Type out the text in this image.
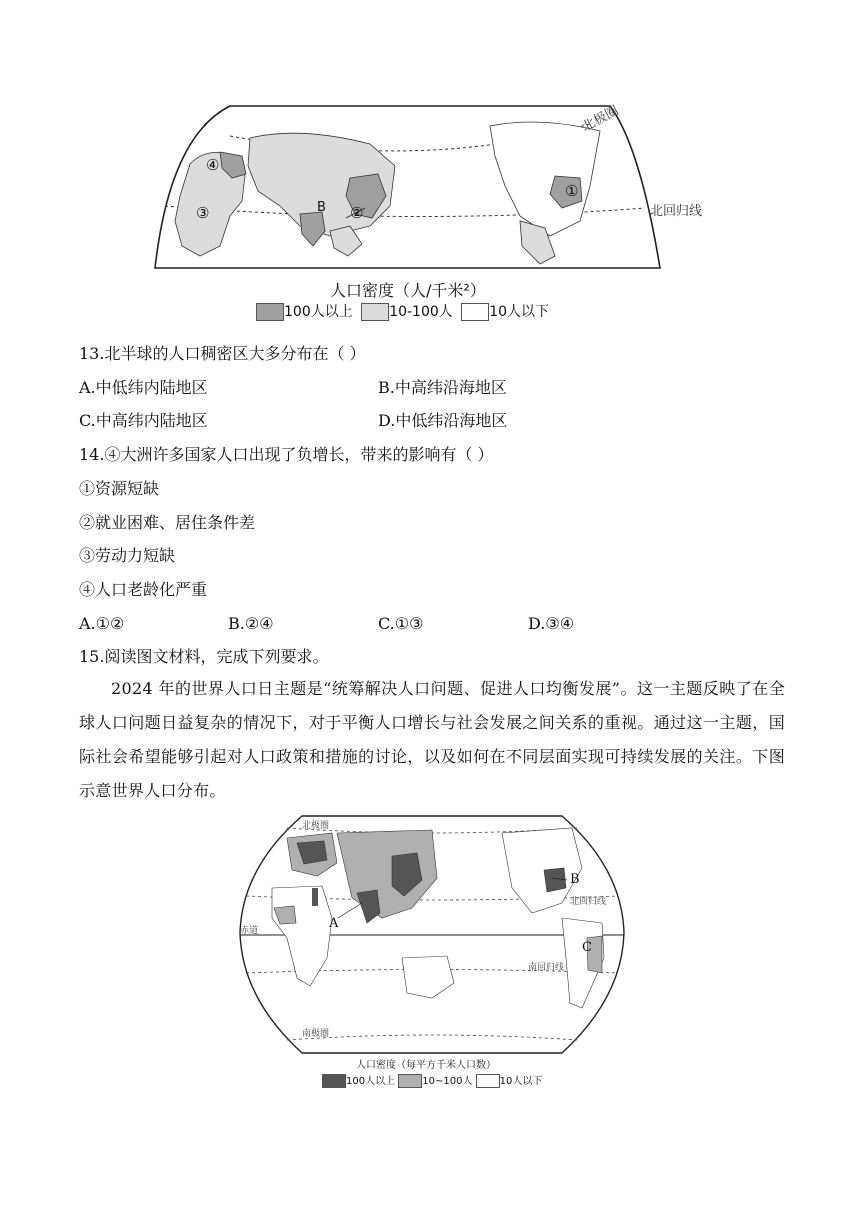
北极圈
北回归线
④
③	②
B
①
人口密度（人/千米²）
100人以上	10-100人	10人以下
13.北半球的人口稠密区大多分布在（ ）
A.中低纬内陆地区	B.中高纬沿海地区
C.中高纬内陆地区	D.中低纬沿海地区
14.④大洲许多国家人口出现了负增长，带来的影响有（ ）
①资源短缺
②就业困难、居住条件差
③劳动力短缺
④人口老龄化严重
A.①②	B.②④	C.①③	D.③④
15.阅读图文材料，完成下列要求。
2024 年的世界人口日主题是“统筹解决人口问题、促进人口均衡发展”。这一主题反映了在全球人口问题日益复杂的情况下，对于平衡人口增长与社会发展之间关系的重视。通过这一主题，国际社会希望能够引起对人口政策和措施的讨论，以及如何在不同层面实现可持续发展的关注。下图示意世界人口分布。
北极圈
北回归线
赤道
南回归线
南极圈
A
B
C
人口密度（每平方千米人口数）
100人以上	10~100人	10人以下
